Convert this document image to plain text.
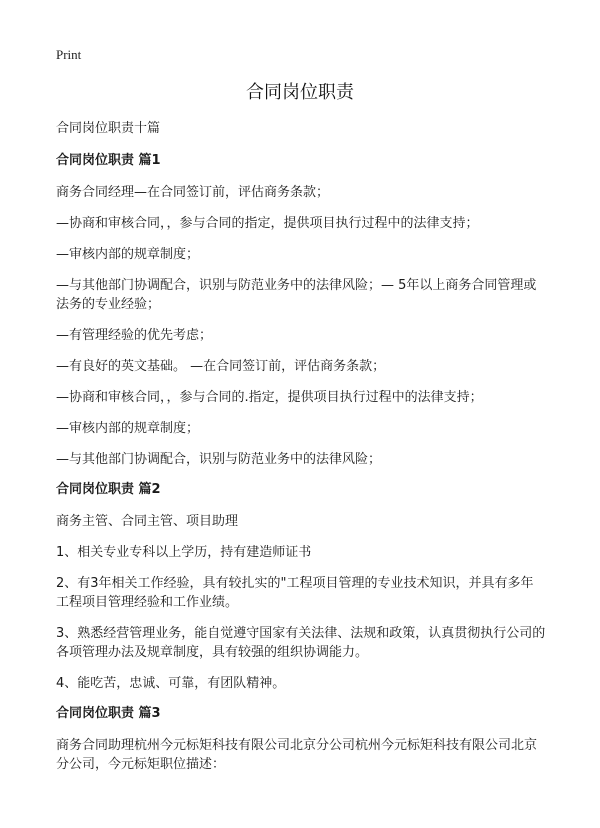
Print
合同岗位职责
合同岗位职责十篇
合同岗位职责 篇1
商务合同经理—在合同签订前，评估商务条款；
—协商和审核合同，，参与合同的指定，提供项目执行过程中的法律支持；
—审核内部的规章制度；
—与其他部门协调配合，识别与防范业务中的法律风险；— 5年以上商务合同管理或法务的专业经验；
—有管理经验的优先考虑；
—有良好的英文基础。 —在合同签订前，评估商务条款；
—协商和审核合同，，参与合同的.指定，提供项目执行过程中的法律支持；
—审核内部的规章制度；
—与其他部门协调配合，识别与防范业务中的法律风险；
合同岗位职责 篇2
商务主管、合同主管、项目助理
1、相关专业专科以上学历，持有建造师证书
2、有3年相关工作经验，具有较扎实的"工程项目管理的专业技术知识，并具有多年工程项目管理经验和工作业绩。
3、熟悉经营管理业务，能自觉遵守国家有关法律、法规和政策，认真贯彻执行公司的各项管理办法及规章制度，具有较强的组织协调能力。
4、能吃苦，忠诚、可靠，有团队精神。
合同岗位职责 篇3
商务合同助理杭州今元标矩科技有限公司北京分公司杭州今元标矩科技有限公司北京分公司，今元标矩职位描述：
